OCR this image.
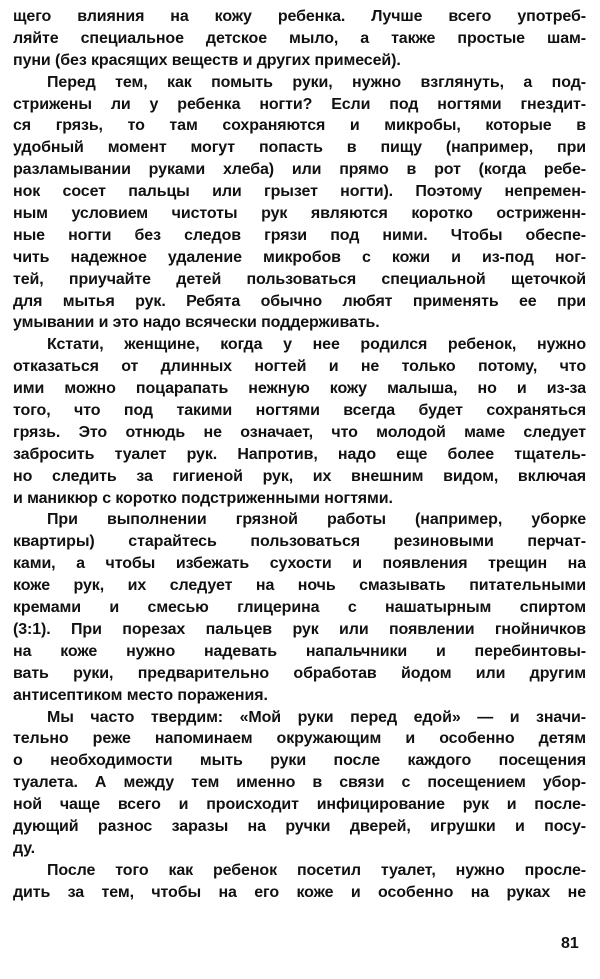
щего влияния на кожу ребенка. Лучше всего употреб-
ляйте специальное детское мыло, а также простые шам-
пуни (без красящих веществ и других примесей).
Перед тем, как помыть руки, нужно взглянуть, а под-
стрижены ли у ребенка ногти? Если под ногтями гнездит-
ся грязь, то там сохраняются и микробы, которые в
удобный момент могут попасть в пищу (например, при
разламывании руками хлеба) или прямо в рот (когда ребе-
нок сосет пальцы или грызет ногти). Поэтому непремен-
ным условием чистоты рук являются коротко остриженн-
ные ногти без следов грязи под ними. Чтобы обеспе-
чить надежное удаление микробов с кожи и из-под ног-
тей, приучайте детей пользоваться специальной щеточкой
для мытья рук. Ребята обычно любят применять ее при
умывании и это надо всячески поддерживать.
Кстати, женщине, когда у нее родился ребенок, нужно
отказаться от длинных ногтей и не только потому, что
ими можно поцарапать нежную кожу малыша, но и из-за
того, что под такими ногтями всегда будет сохраняться
грязь. Это отнюдь не означает, что молодой маме следует
забросить туалет рук. Напротив, надо еще более тщатель-
но следить за гигиеной рук, их внешним видом, включая
и маникюр с коротко подстриженными ногтями.
При выполнении грязной работы (например, уборке
квартиры) старайтесь пользоваться резиновыми перчат-
ками, а чтобы избежать сухости и появления трещин на
коже рук, их следует на ночь смазывать питательными
кремами и смесью глицерина с нашатырным спиртом
(3:1). При порезах пальцев рук или появлении гнойничков
на коже нужно надевать напальчники и перебинтовы-
вать руки, предварительно обработав йодом или другим
антисептиком место поражения.
Мы часто твердим: «Мой руки перед едой» — и значи-
тельно реже напоминаем окружающим и особенно детям
о необходимости мыть руки после каждого посещения
туалета. А между тем именно в связи с посещением убор-
ной чаще всего и происходит инфицирование рук и после-
дующий разнос заразы на ручки дверей, игрушки и посу-
ду.
После того как ребенок посетил туалет, нужно просле-
дить за тем, чтобы на его коже и особенно на руках не
81
